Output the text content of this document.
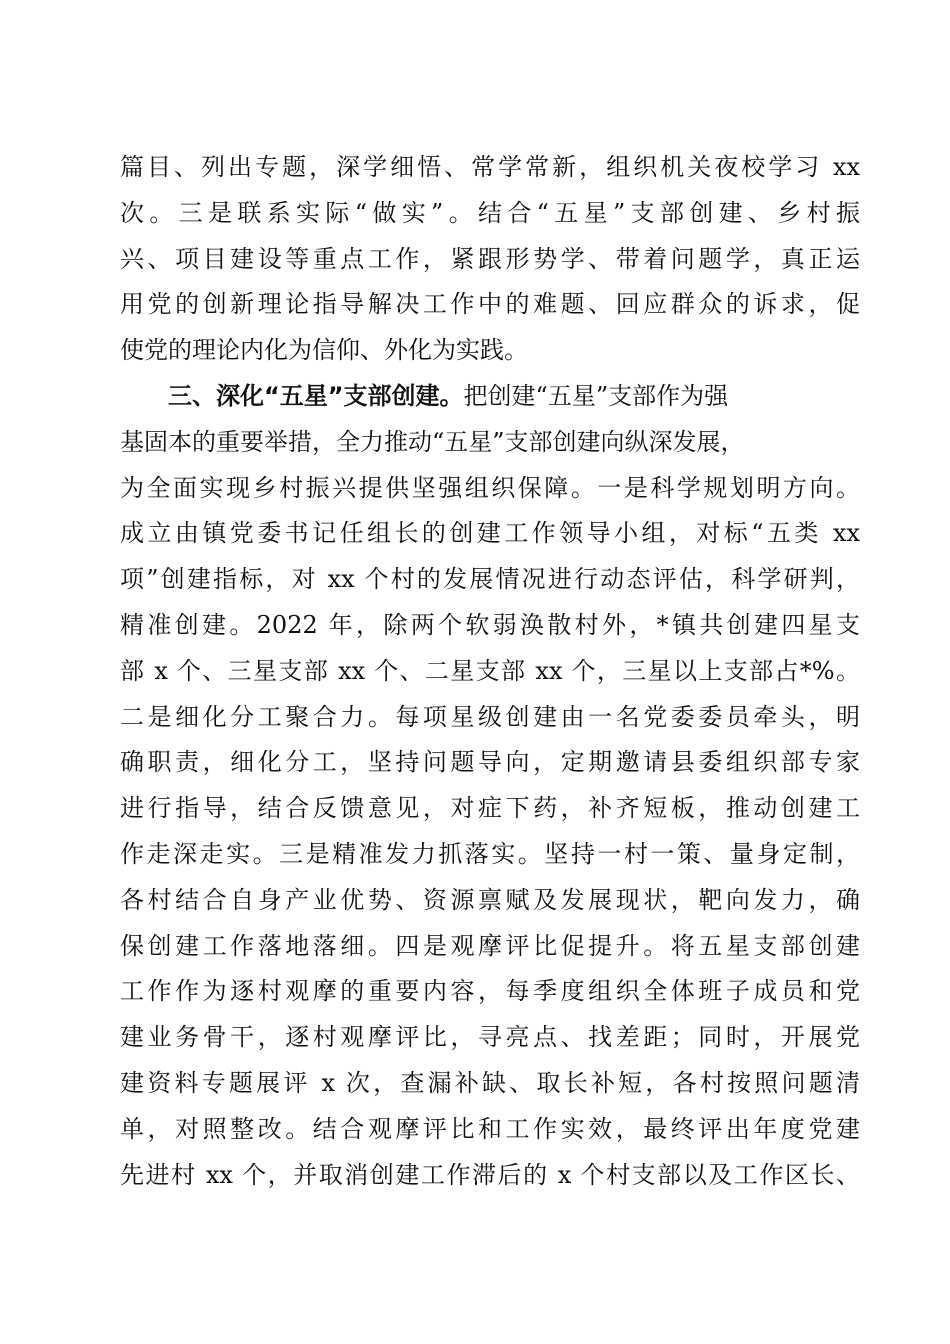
篇目、列出专题，深学细悟、常学常新，组织机关夜校学习 xx
次。三是联系实际“做实”。结合“五星”支部创建、乡村振
兴、项目建设等重点工作，紧跟形势学、带着问题学，真正运
用党的创新理论指导解决工作中的难题、回应群众的诉求，促
使党的理论内化为信仰、外化为实践。
三、深化“五星”支部创建。把创建“五星”支部作为强
基固本的重要举措，全力推动“五星”支部创建向纵深发展，
为全面实现乡村振兴提供坚强组织保障。一是科学规划明方向。
成立由镇党委书记任组长的创建工作领导小组，对标“五类 xx
项”创建指标，对 xx 个村的发展情况进行动态评估，科学研判，
精准创建。2022 年，除两个软弱涣散村外，*镇共创建四星支
部 x 个、三星支部 xx 个、二星支部 xx 个，三星以上支部占*%。
二是细化分工聚合力。每项星级创建由一名党委委员牵头，明
确职责，细化分工，坚持问题导向，定期邀请县委组织部专家
进行指导，结合反馈意见，对症下药，补齐短板，推动创建工
作走深走实。三是精准发力抓落实。坚持一村一策、量身定制，
各村结合自身产业优势、资源禀赋及发展现状，靶向发力，确
保创建工作落地落细。四是观摩评比促提升。将五星支部创建
工作作为逐村观摩的重要内容，每季度组织全体班子成员和党
建业务骨干，逐村观摩评比，寻亮点、找差距；同时，开展党
建资料专题展评 x 次，查漏补缺、取长补短，各村按照问题清
单，对照整改。结合观摩评比和工作实效，最终评出年度党建
先进村 xx 个，并取消创建工作滞后的 x 个村支部以及工作区长、
